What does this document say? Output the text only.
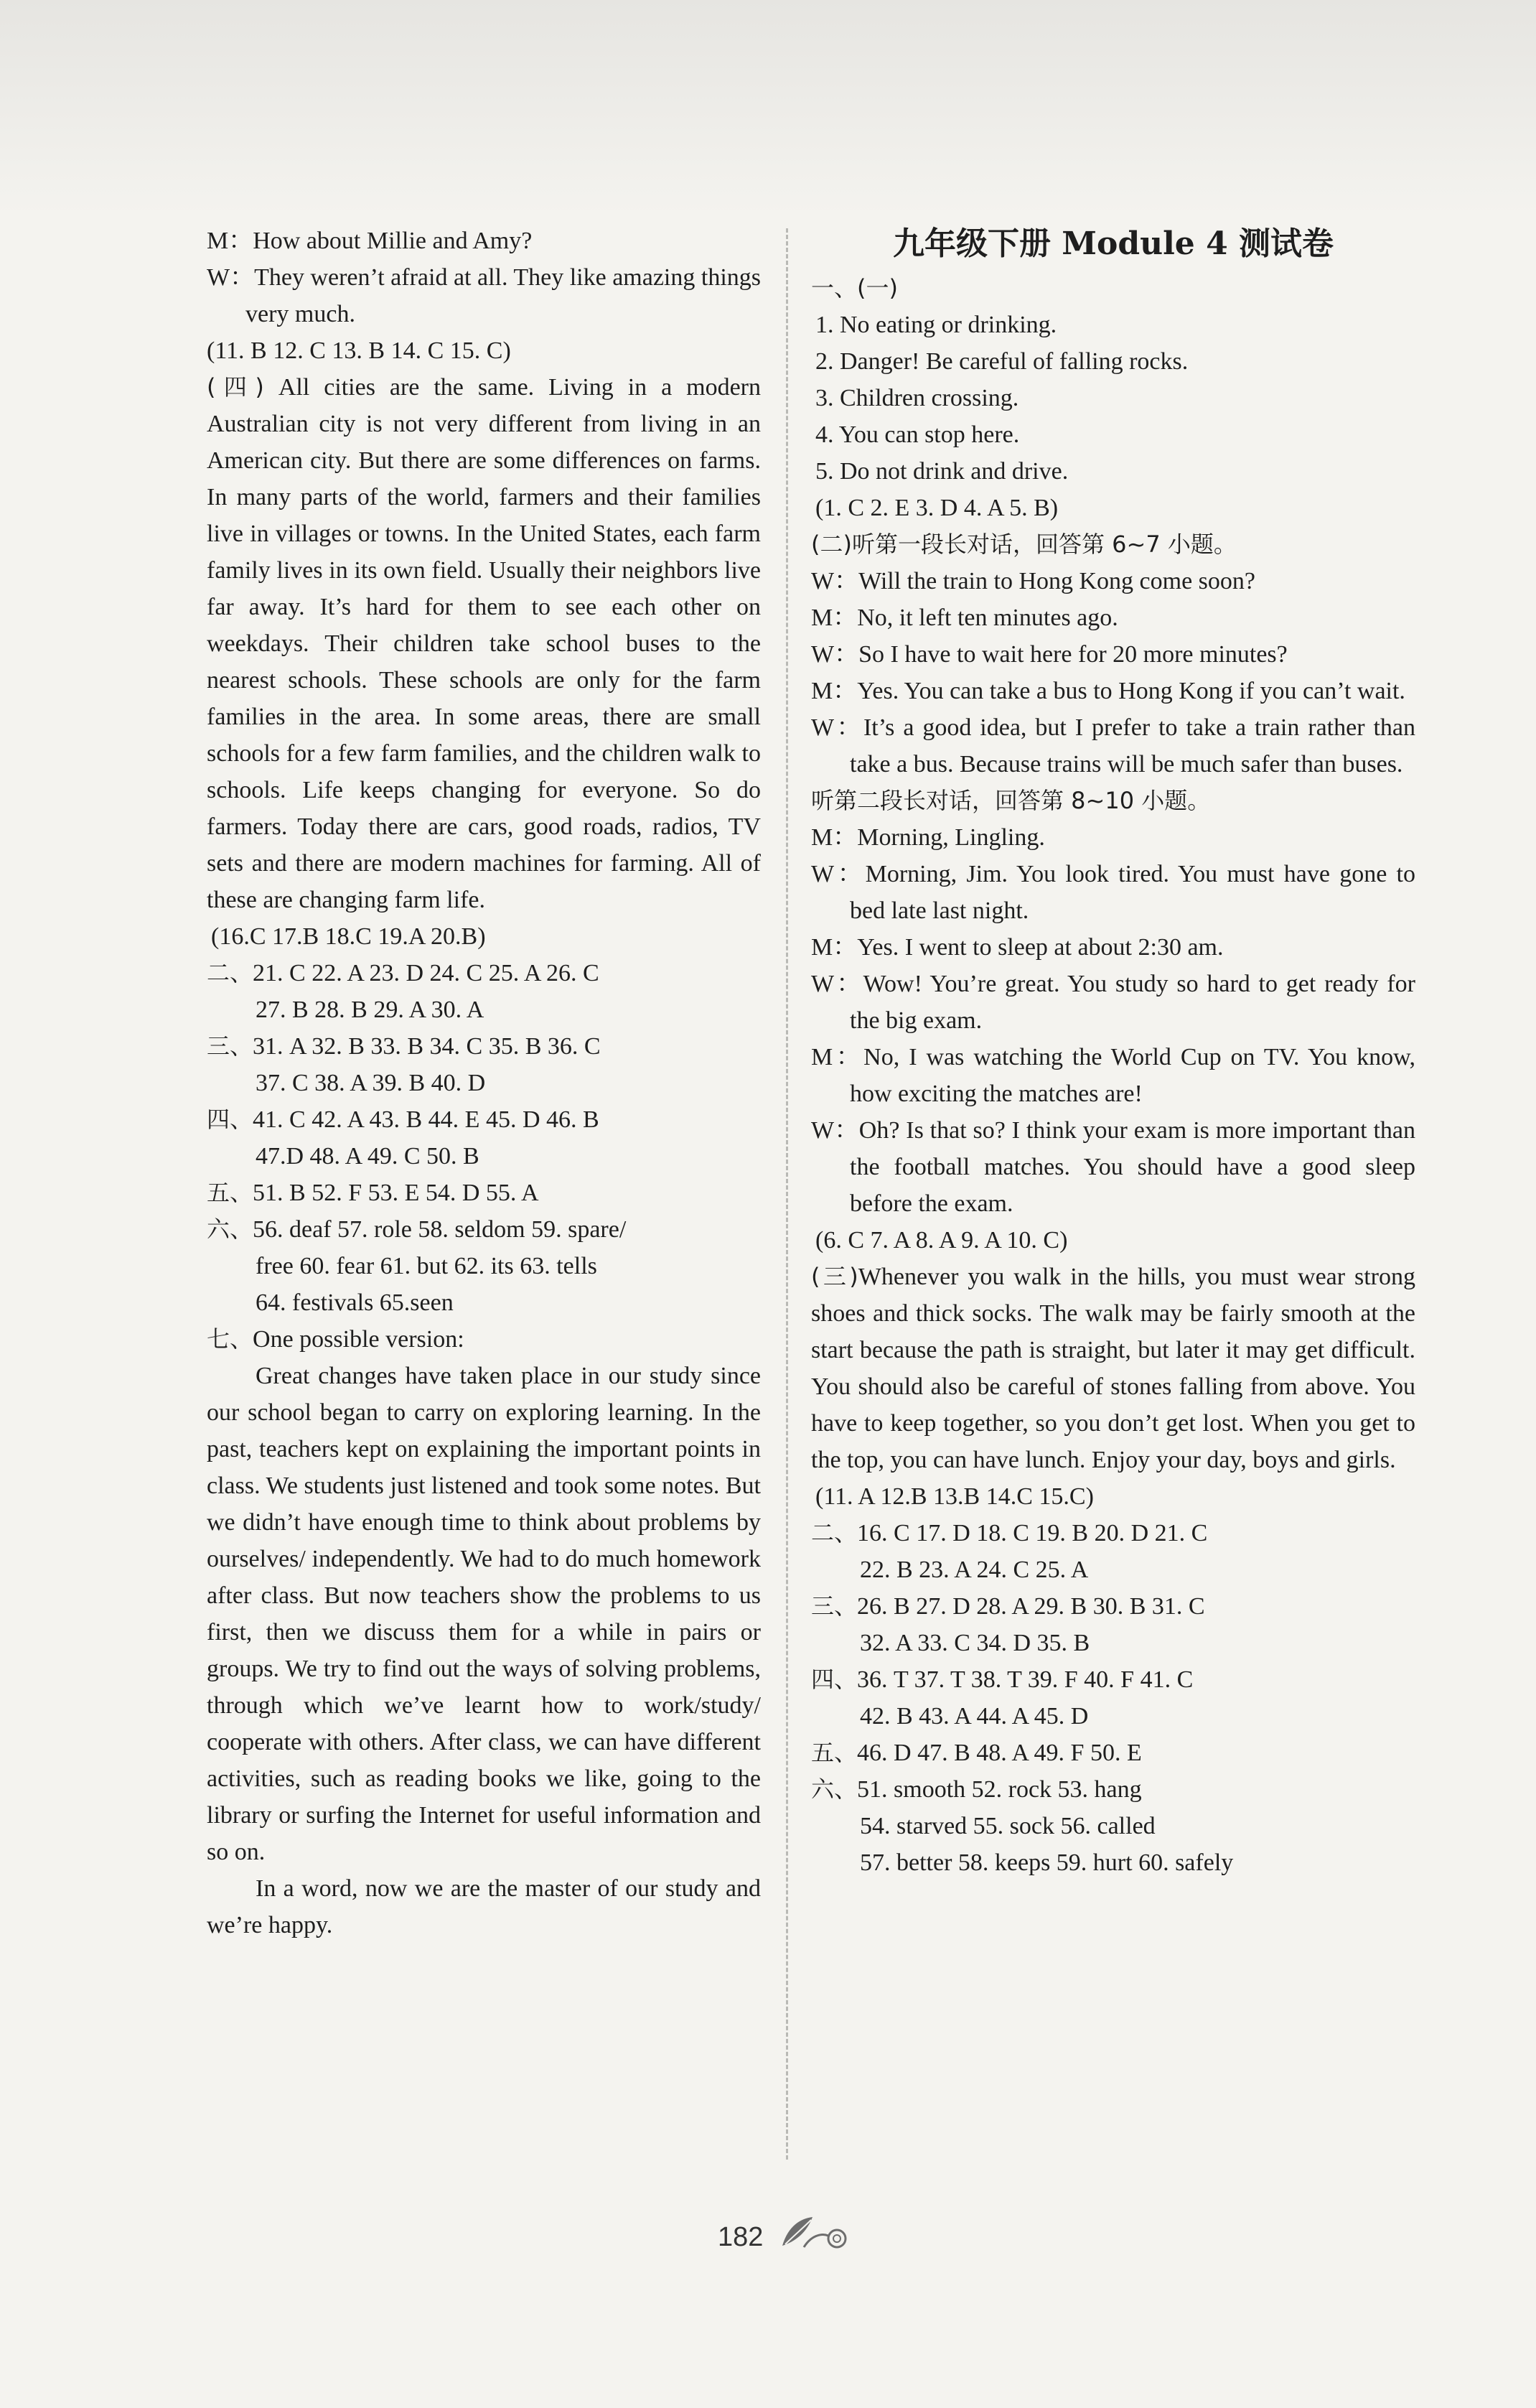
M：How about Millie and Amy?
W：They weren’t afraid at all. They like amazing things very much.
(11. B 12. C 13. B 14. C 15. C)
(四) All cities are the same. Living in a modern Australian city is not very different from living in an American city. But there are some differences on farms. In many parts of the world, farmers and their families live in villages or towns. In the United States, each farm family lives in its own field. Usually their neighbors live far away. It’s hard for them to see each other on weekdays. Their children take school buses to the nearest schools. These schools are only for the farm families in the area. In some areas, there are small schools for a few farm families, and the children walk to schools. Life keeps changing for everyone. So do farmers. Today there are cars, good roads, radios, TV sets and there are modern machines for farming. All of these are changing farm life.
(16.C 17.B 18.C 19.A 20.B)
二、21. C 22. A 23. D 24. C 25. A 26. C
27. B 28. B 29. A 30. A
三、31. A 32. B 33. B 34. C 35. B 36. C
37. C 38. A 39. B 40. D
四、41. C 42. A 43. B 44. E 45. D 46. B
47.D 48. A 49. C 50. B
五、51. B 52. F 53. E 54. D 55. A
六、56. deaf 57. role 58. seldom 59. spare/
free 60. fear 61. but 62. its 63. tells
64. festivals 65.seen
七、One possible version:
Great changes have taken place in our study since our school began to carry on exploring learning. In the past, teachers kept on explaining the important points in class. We students just listened and took some notes. But we didn’t have enough time to think about problems by ourselves/ independently. We had to do much homework after class. But now teachers show the problems to us first, then we discuss them for a while in pairs or groups. We try to find out the ways of solving problems, through which we’ve learnt how to work/study/ cooperate with others. After class, we can have different activities, such as reading books we like, going to the library or surfing the Internet for useful information and so on.
In a word, now we are the master of our study and we’re happy.
九年级下册 Module 4 测试卷
一、(一)
1. No eating or drinking.
2. Danger! Be careful of falling rocks.
3. Children crossing.
4. You can stop here.
5. Do not drink and drive.
(1. C 2. E 3. D 4. A 5. B)
(二)听第一段长对话，回答第 6~7 小题。
W：Will the train to Hong Kong come soon?
M：No, it left ten minutes ago.
W：So I have to wait here for 20 more minutes?
M：Yes. You can take a bus to Hong Kong if you can’t wait.
W：It’s a good idea, but I prefer to take a train rather than take a bus. Because trains will be much safer than buses.
听第二段长对话，回答第 8~10 小题。
M：Morning, Lingling.
W：Morning, Jim. You look tired. You must have gone to bed late last night.
M：Yes. I went to sleep at about 2:30 am.
W：Wow! You’re great. You study so hard to get ready for the big exam.
M：No, I was watching the World Cup on TV. You know, how exciting the matches are!
W：Oh? Is that so? I think your exam is more important than the football matches. You should have a good sleep before the exam.
(6. C 7. A 8. A 9. A 10. C)
(三)Whenever you walk in the hills, you must wear strong shoes and thick socks. The walk may be fairly smooth at the start because the path is straight, but later it may get difficult. You should also be careful of stones falling from above. You have to keep together, so you don’t get lost. When you get to the top, you can have lunch. Enjoy your day, boys and girls.
(11. A 12.B 13.B 14.C 15.C)
二、16. C 17. D 18. C 19. B 20. D 21. C
22. B 23. A 24. C 25. A
三、26. B 27. D 28. A 29. B 30. B 31. C
32. A 33. C 34. D 35. B
四、36. T 37. T 38. T 39. F 40. F 41. C
42. B 43. A 44. A 45. D
五、46. D 47. B 48. A 49. F 50. E
六、51. smooth 52. rock 53. hang
54. starved 55. sock 56. called
57. better 58. keeps 59. hurt 60. safely
182
